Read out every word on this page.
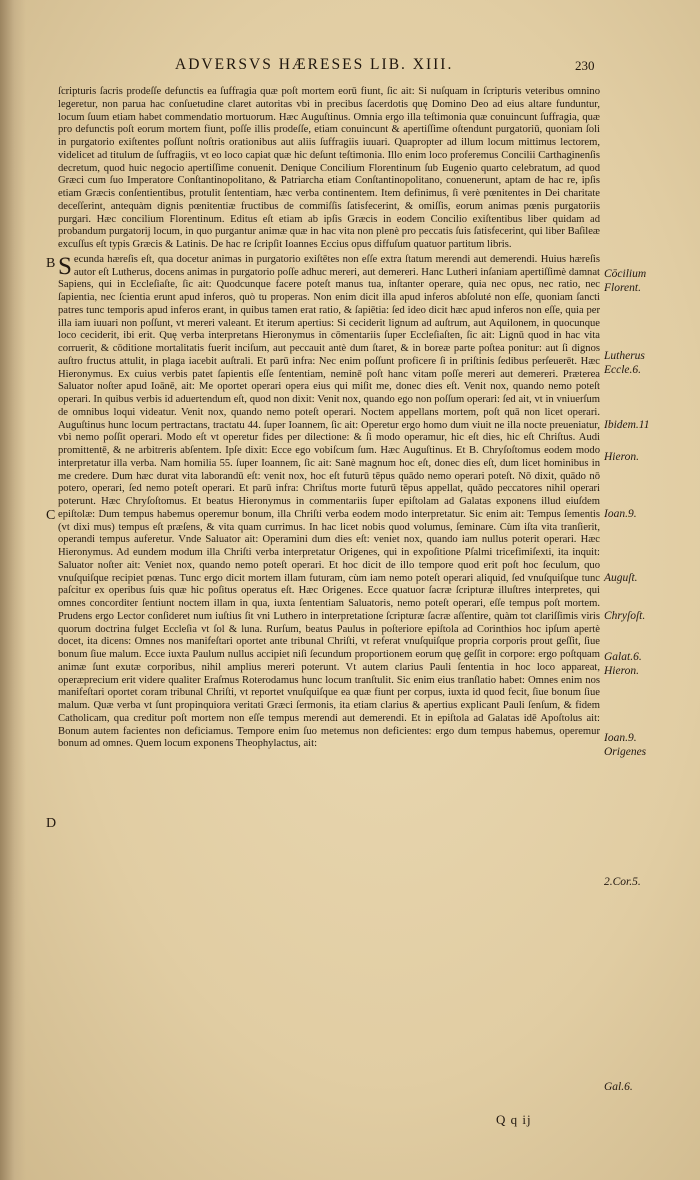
ADVERSVS HÆRESES LIB. XIII.	230

ſcripturis ſacris prodeſſe defunctis ea ſuffragia quæ poſt mortem eorū fiunt, ſic ait: Si nuſquam in ſcripturis veteribus omnino legeretur, non parua hac conſuetudine claret autoritas vbi in precibus ſacerdotis quę Domino Deo ad eius altare funduntur, locum ſuum etiam habet commendatio mortuorum. Hæc Auguſtinus. Omnia ergo illa teſtimonia quæ conuincunt ſuffragia, quæ pro defunctis poſt eorum mortem fiunt, poſſe illis prodeſſe, etiam conuincunt & apertiſſime oſtendunt purgatoriū, quoniam ſoli in purgatorio exiſtentes poſſunt noſtris orationibus aut aliis ſuffragiis iuuari. Quapropter ad illum locum mittimus lectorem, videlicet ad titulum de ſuffragiis, vt eo loco capiat quæ hic deſunt teſtimonia. Illo enim loco proferemus Concilii Carthaginenſis decretum, quod huic negocio apertiſſime conuenit. Denique Concilium Florentinum ſub Eugenio quarto celebratum, ad quod Græci cum ſuo Imperatore Conſtantinopolitano, & Patriarcha etiam Conſtantinopolitano, conuenerunt, aptam de hac re, ipſis etiam Græcis conſentientibus, protulit ſententiam, hæc verba continentem. Item definimus, ſi verè pœnitentes in Dei charitate deceſſerint, antequàm dignis pœnitentiæ fructibus de commiſſis ſatisfecerint, & omiſſis, eorum animas pœnis purgatoriis purgari. Hæc concilium Florentinum. Editus eſt etiam ab ipſis Græcis in eodem Concilio exiſtentibus liber quidam ad probandum purgatorij locum, in quo purgantur animæ quæ in hac vita non plenè pro peccatis ſuis ſatisfecerint, qui liber Baſileæ excuſſus eſt typis Græcis & Latinis. De hac re ſcripſit Ioannes Eccius opus diffuſum quatuor partitum libris.

Secunda hæreſis eſt, qua docetur animas in purgatorio exiſtētes non eſſe extra ſtatum merendi aut demerendi. Huius hæreſis autor eſt Lutherus, docens animas in purgatorio poſſe adhuc mereri, aut demereri. Hanc Lutheri inſaniam apertiſſimè damnat Sapiens, qui in Eccleſiaſte, ſic ait: Quodcunque facere poteſt manus tua, inſtanter operare, quia nec opus, nec ratio, nec ſapientia, nec ſcientia erunt apud inferos, quò tu properas. Non enim dicit illa apud inferos abſoluté non eſſe, quoniam ſancti patres tunc temporis apud inferos erant, in quibus tamen erat ratio, & ſapiētia: ſed ideo dicit hæc apud inferos non eſſe, quia per illa iam iuuari non poſſunt, vt mereri valeant. Et iterum apertius: Si ceciderit lignum ad auſtrum, aut Aquilonem, in quocunque loco ceciderit, ibi erit. Quę verba interpretans Hieronymus in cōmentariis ſuper Eccleſiaſten, ſic ait: Lignū quod in hac vita corruerit, & cōditione mortalitatis fuerit inciſum, aut peccauit antè dum ſtaret, & in boreæ parte poſtea ponitur: aut ſi dignos auſtro fructus attulit, in plaga iacebit auſtrali. Et parū infra: Nec enim poſſunt proficere ſi in priſtinis ſedibus perſeuerēt. Hæc Hieronymus. Ex cuius verbis patet ſapientis eſſe ſententiam, neminē poſt hanc vitam poſſe mereri aut demereri. Præterea Saluator noſter apud Ioānē, ait: Me oportet operari opera eius qui miſit me, donec dies eſt. Venit nox, quando nemo poteſt operari. In quibus verbis id aduertendum eſt, quod non dixit: Venit nox, quando ego non poſſum operari: ſed ait, vt in vniuerſum de omnibus loqui videatur. Venit nox, quando nemo poteſt operari. Noctem appellans mortem, poſt quā non licet operari. Auguſtinus hunc locum pertractans, tractatu 44. ſuper Ioannem, ſic ait: Operetur ergo homo dum viuit ne illa nocte preueniatur, vbi nemo poſſit operari. Modo eſt vt operetur fides per dilectione: & ſi modo operamur, hic eſt dies, hic eſt Chriſtus. Audi promittentē, & ne arbitreris abſentem. Ipſe dixit: Ecce ego vobiſcum ſum. Hæc Auguſtinus. Et B. Chryſoſtomus eodem modo interpretatur illa verba. Nam homilia 55. ſuper Ioannem, ſic ait: Sanè magnum hoc eſt, donec dies eſt, dum licet hominibus in me credere. Dum hæc durat vita laborandū eſt: venit nox, hoc eſt futurū tēpus quādo nemo operari poteſt. Nō dixit, quādo nō potero, operari, ſed nemo poteſt operari. Et parū infra: Chriſtus morte futurū tēpus appellat, quādo peccatores nihil operari poterunt. Hæc Chryſoſtomus. Et beatus Hieronymus in commentariis ſuper epiſtolam ad Galatas exponens illud eiuſdem epiſtolæ: Dum tempus habemus operemur bonum, illa Chriſti verba eodem modo interpretatur. Sic enim ait: Tempus ſementis (vt dixi mus) tempus eſt præſens, & vita quam currimus. In hac licet nobis quod volumus, ſeminare. Cùm iſta vita tranſierit, operandi tempus auferetur. Vnde Saluator ait: Operamini dum dies eſt: veniet nox, quando iam nullus poterit operari. Hæc Hieronymus. Ad eundem modum illa Chriſti verba interpretatur Origenes, qui in expoſitione Pſalmi tricefimiſexti, ita inquit: Saluator noſter ait: Veniet nox, quando nemo poteſt operari. Et hoc dicit de illo tempore quod erit poſt hoc ſeculum, quo vnuſquiſque recipiet pœnas. Tunc ergo dicit mortem illam futuram, cùm iam nemo poteſt operari aliquid, ſed vnuſquiſque tunc paſcitur ex operibus ſuis quæ hic poſitus operatus eſt. Hæc Origenes. Ecce quatuor ſacræ ſcripturæ illuſtres interpretes, qui omnes concorditer ſentiunt noctem illam in qua, iuxta ſententiam Saluatoris, nemo poteſt operari, eſſe tempus poſt mortem. Prudens ergo Lector conſideret num iuſtius ſit vni Luthero in interpretatione ſcripturæ ſacræ aſſentire, quàm tot clariſſimis viris quorum doctrina fulget Eccleſia vt ſol & luna. Rurſum, beatus Paulus in poſteriore epiſtola ad Corinthios hoc ipſum apertè docet, ita dicens: Omnes nos manifeſtari oportet ante tribunal Chriſti, vt referat vnuſquiſque propria corporis prout geſſit, ſiue bonum ſiue malum. Ecce iuxta Paulum nullus accipiet niſi ſecundum proportionem eorum quę geſſit in corpore: ergo poſtquam animæ ſunt exutæ corporibus, nihil amplius mereri poterunt. Vt autem clarius Pauli ſententia in hoc loco appareat, operæprecium erit videre qualiter Eraſmus Roterodamus hunc locum tranſtulit. Sic enim eius tranſlatio habet: Omnes enim nos manifeſtari oportet coram tribunal Chriſti, vt reportet vnuſquiſque ea quæ fiunt per corpus, iuxta id quod fecit, ſiue bonum ſiue malum. Quæ verba vt ſunt propinquiora veritati Græci ſermonis, ita etiam clarius & apertius explicant Pauli ſenſum, & fidem Catholicam, qua creditur poſt mortem non eſſe tempus merendi aut demerendi. Et in epiſtola ad Galatas idē Apoſtolus ait: Bonum autem facientes non deficiamus. Tempore enim ſuo metemus non deficientes: ergo dum tempus habemus, operemur bonum ad omnes. Quem locum exponens Theophylactus, ait:

B
C
D
Cōcilium
Florent.
Lutherus
Eccle.6.
Ibidem.11
Hieron.
Ioan.9.
Auguſt.
Chryſoſt.
Galat.6.
Hieron.
Ioan.9.
Origenes
2.Cor.5.
Gal.6.
Q q ij
